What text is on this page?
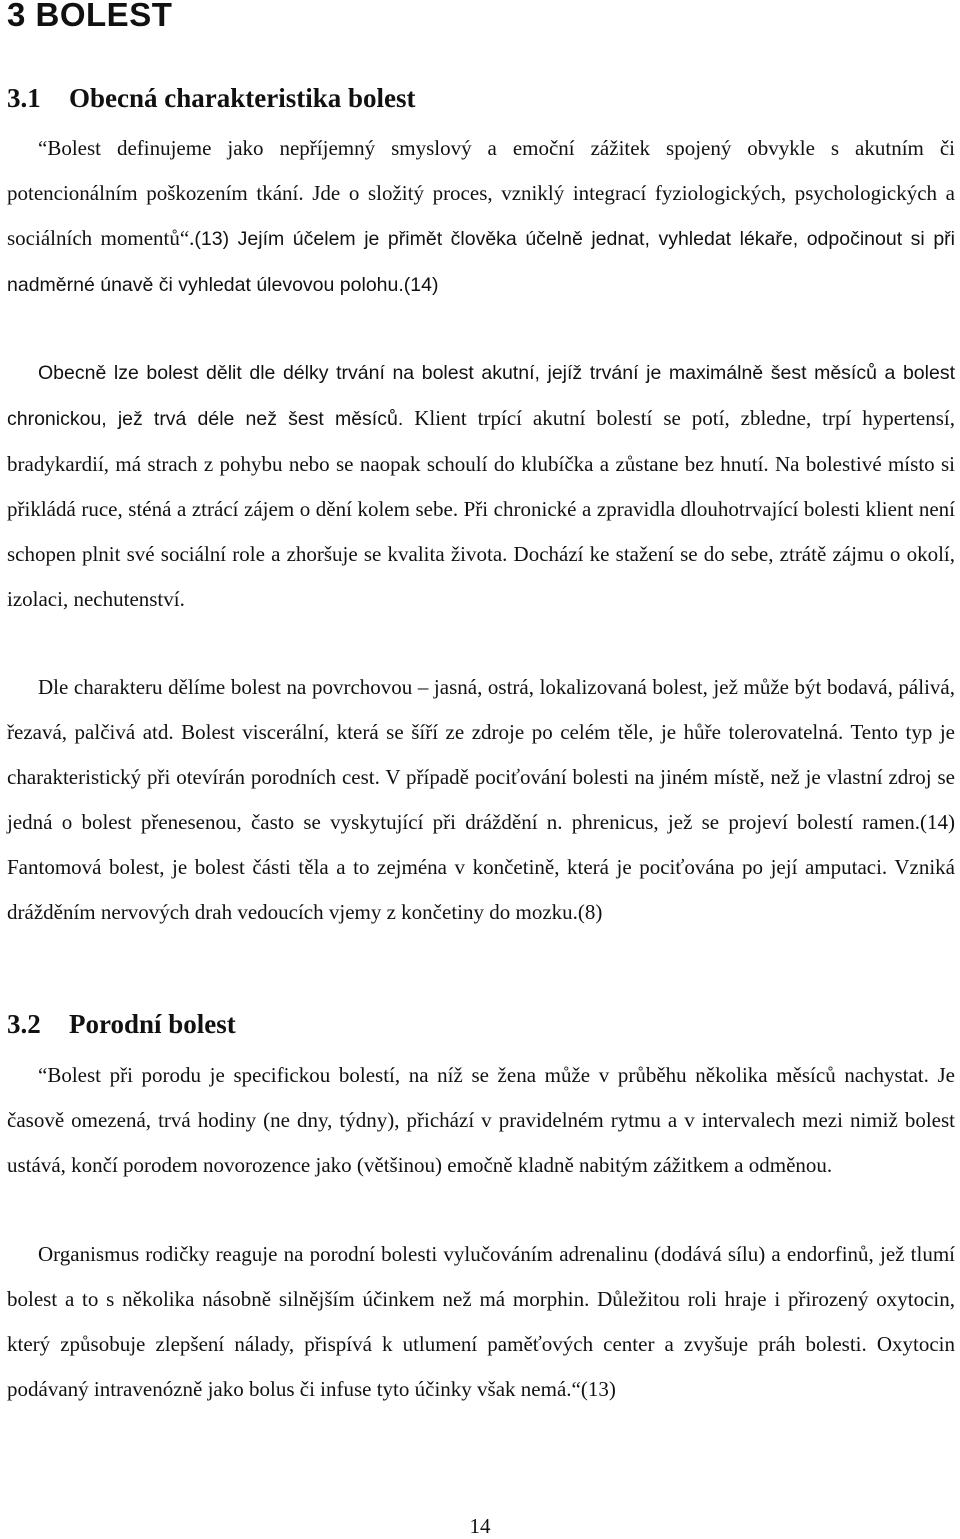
3 BOLEST
3.1 Obecná charakteristika bolest

“Bolest definujeme jako nepříjemný smyslový a emoční zážitek spojený obvykle s akutním či potencionálním poškozením tkání. Jde o složitý proces, vzniklý integrací fyziologických, psychologických a sociálních momentů“.(13) Jejím účelem je přimět člověka účelně jednat, vyhledat lékaře, odpočinout si při nadměrné únavě či vyhledat úlevovou polohu.(14)

Obecně lze bolest dělit dle délky trvání na bolest akutní, jejíž trvání je maximálně šest měsíců a bolest chronickou, jež trvá déle než šest měsíců. Klient trpící akutní bolestí se potí, zbledne, trpí hypertensí, bradykardií, má strach z pohybu nebo se naopak schoulí do klubíčka a zůstane bez hnutí. Na bolestivé místo si přikládá ruce, sténá a ztrácí zájem o dění kolem sebe. Při chronické a zpravidla dlouhotrvající bolesti klient není schopen plnit své sociální role a zhoršuje se kvalita života. Dochází ke stažení se do sebe, ztrátě zájmu o okolí, izolaci, nechutenství.

Dle charakteru dělíme bolest na povrchovou – jasná, ostrá, lokalizovaná bolest, jež může být bodavá, pálivá, řezavá, palčivá atd. Bolest viscerální, která se šíří ze zdroje po celém těle, je hůře tolerovatelná. Tento typ je charakteristický při otevírán porodních cest. V případě pociťování bolesti na jiném místě, než je vlastní zdroj se jedná o bolest přenesenou, často se vyskytující při dráždění n. phrenicus, jež se projeví bolestí ramen.(14) Fantomová bolest, je bolest části těla a to zejména v končetině, která je pociťována po její amputaci. Vzniká drážděním nervových drah vedoucích vjemy z končetiny do mozku.(8)

3.2 Porodní bolest

“Bolest při porodu je specifickou bolestí, na níž se žena může v průběhu několika měsíců nachystat. Je časově omezená, trvá hodiny (ne dny, týdny), přichází v pravidelném rytmu a v intervalech mezi nimiž bolest ustává, končí porodem novorozence jako (většinou) emočně kladně nabitým zážitkem a odměnou.

Organismus rodičky reaguje na porodní bolesti vylučováním adrenalinu (dodává sílu) a endorfinů, jež tlumí bolest a to s několika násobně silnějším účinkem než má morphin. Důležitou roli hraje i přirozený oxytocin, který způsobuje zlepšení nálady, přispívá k utlumení paměťových center a zvyšuje práh bolesti. Oxytocin podávaný intravenózně jako bolus či infuse tyto účinky však nemá.“(13)

14
